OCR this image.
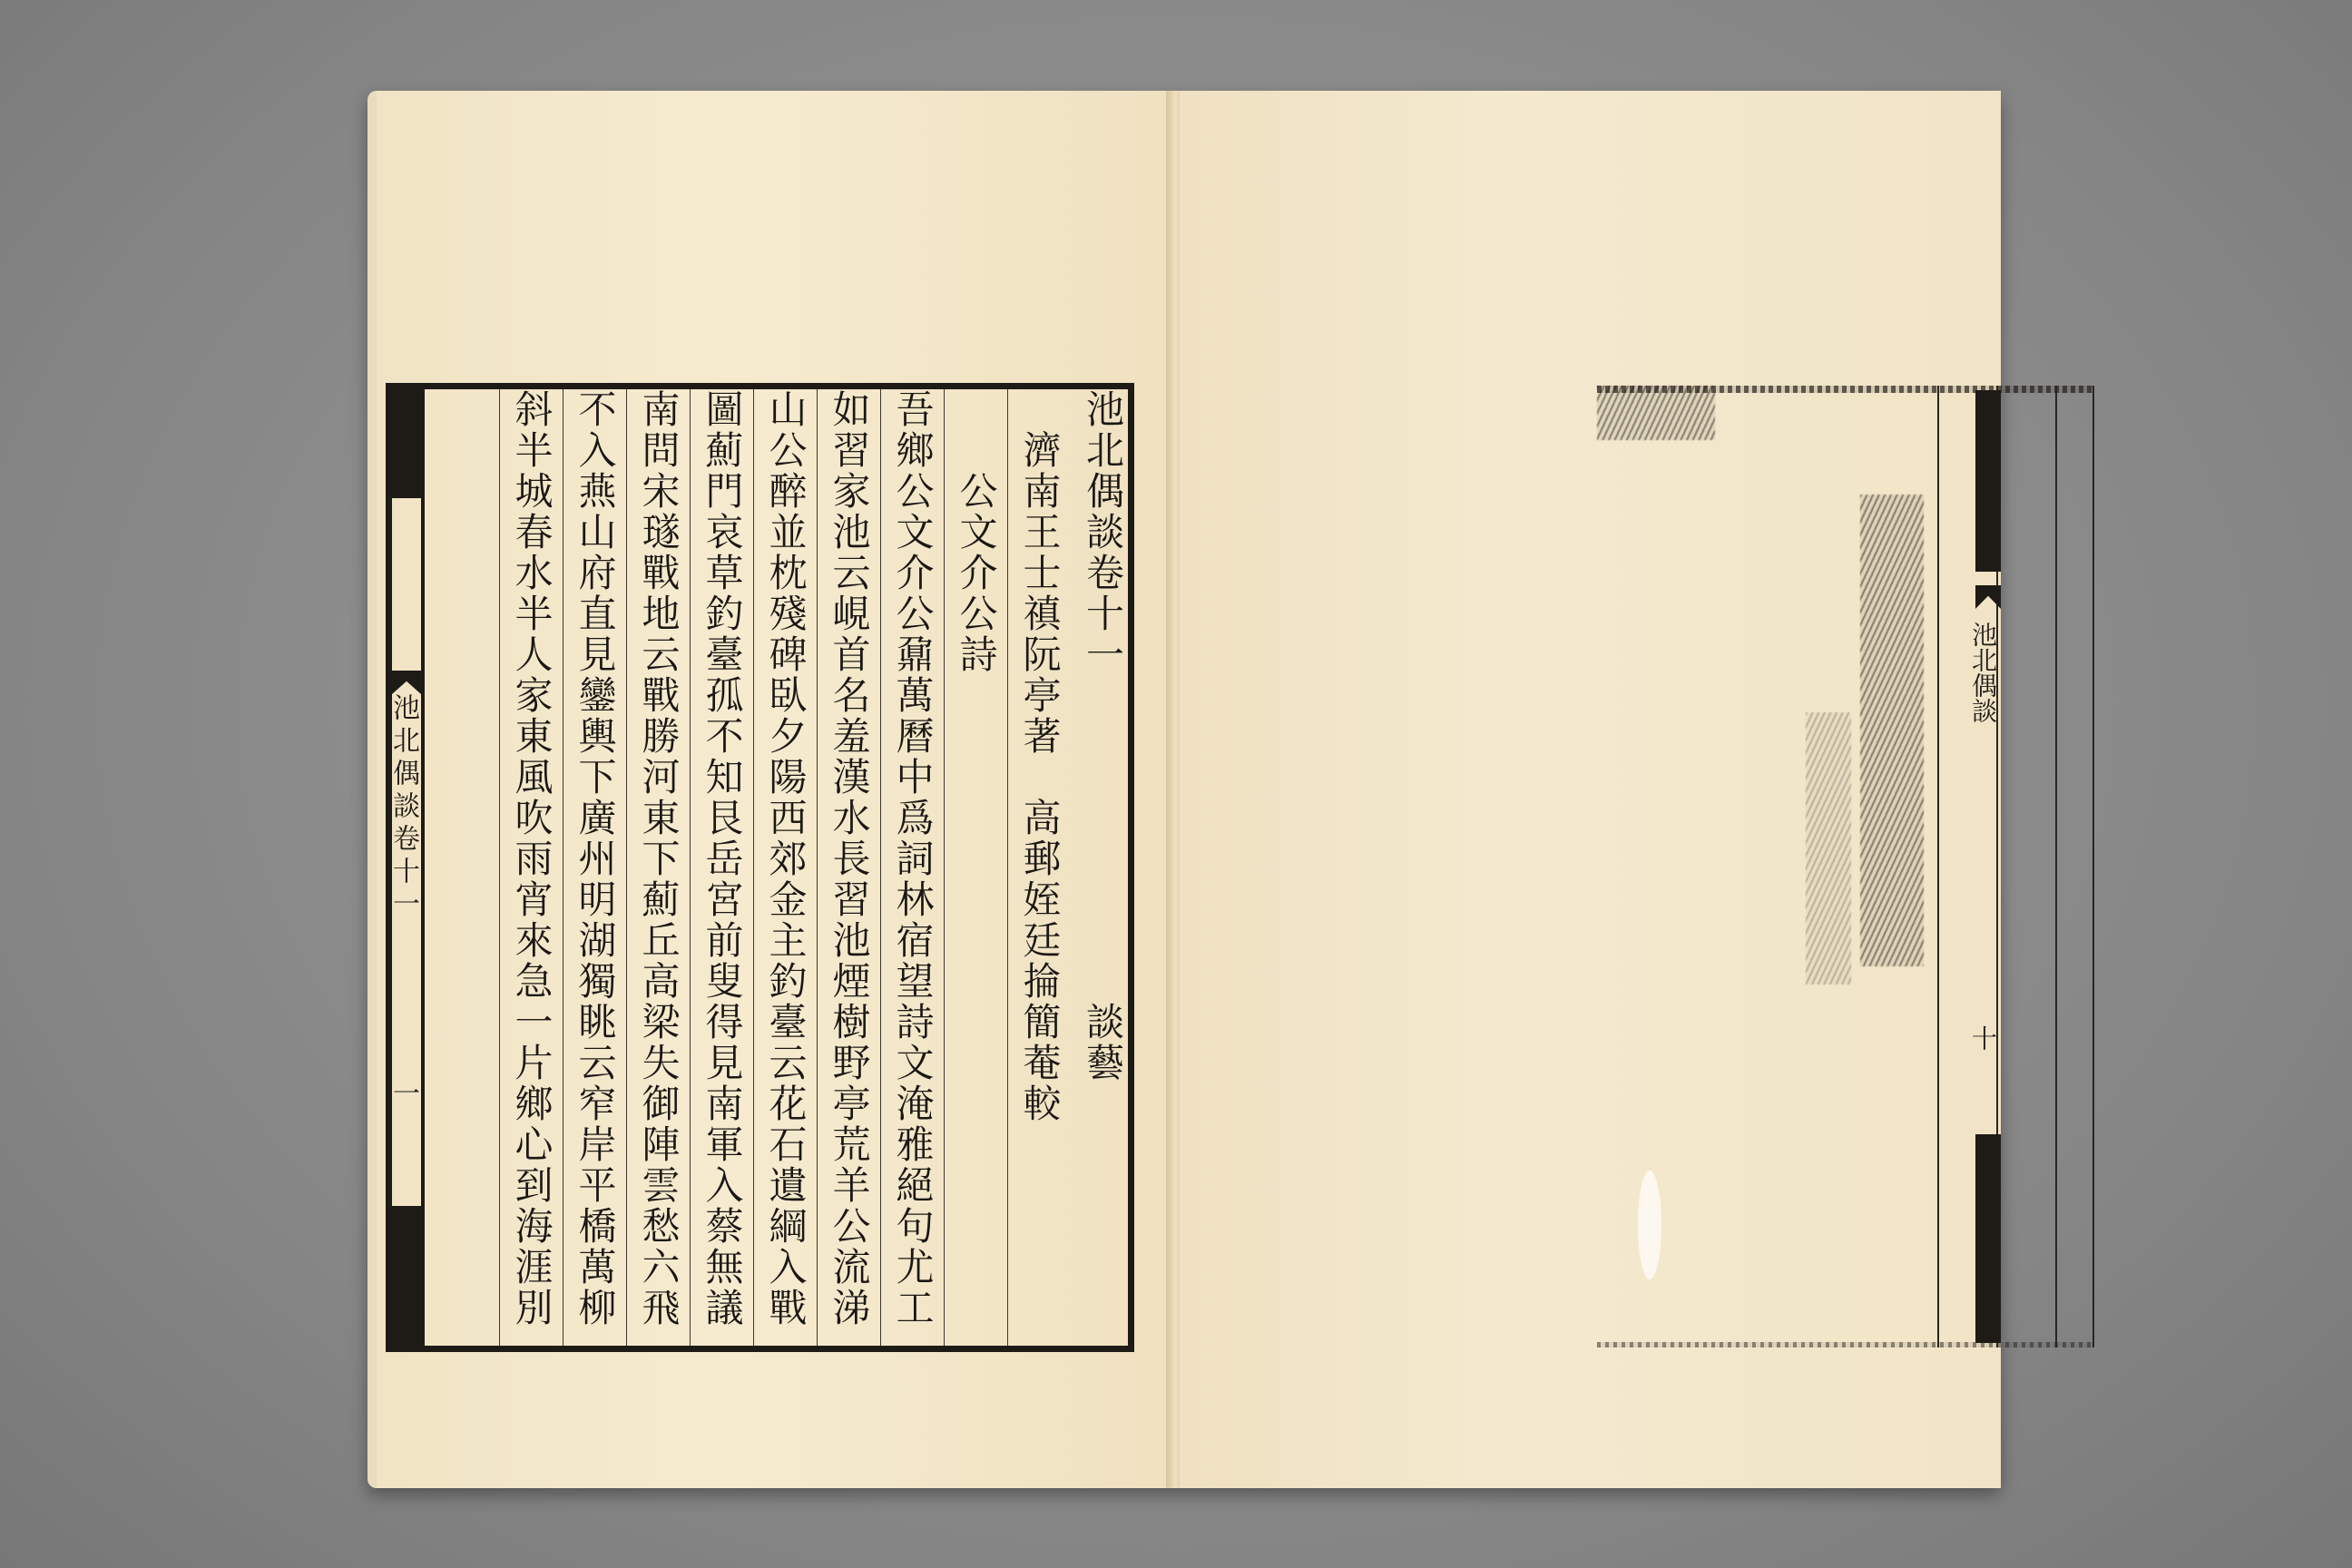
池北偶談卷十一
一
池北偶談卷十一　　　　　　　　談藝
　濟南王士禛阮亭著　高郵姪廷掄簡菴較
　　公文介公詩
吾鄉公文介公鼐萬曆中爲詞林宿望詩文淹雅絕句尤工
如習家池云峴首名羞漢水長習池煙樹野亭荒羊公流涕
山公醉並枕殘碑臥夕陽西郊金主釣臺云花石遺綱入戰
圖薊門哀草釣臺孤不知艮岳宮前叟得見南軍入蔡無議
南問宋璲戰地云戰勝河東下薊丘高梁失御陣雲愁六飛
不入燕山府直見鑾輿下廣州明湖獨眺云窄岸平橋萬柳
斜半城春水半人家東風吹雨宵來急一片鄉心到海涯別	池北偶談
十
